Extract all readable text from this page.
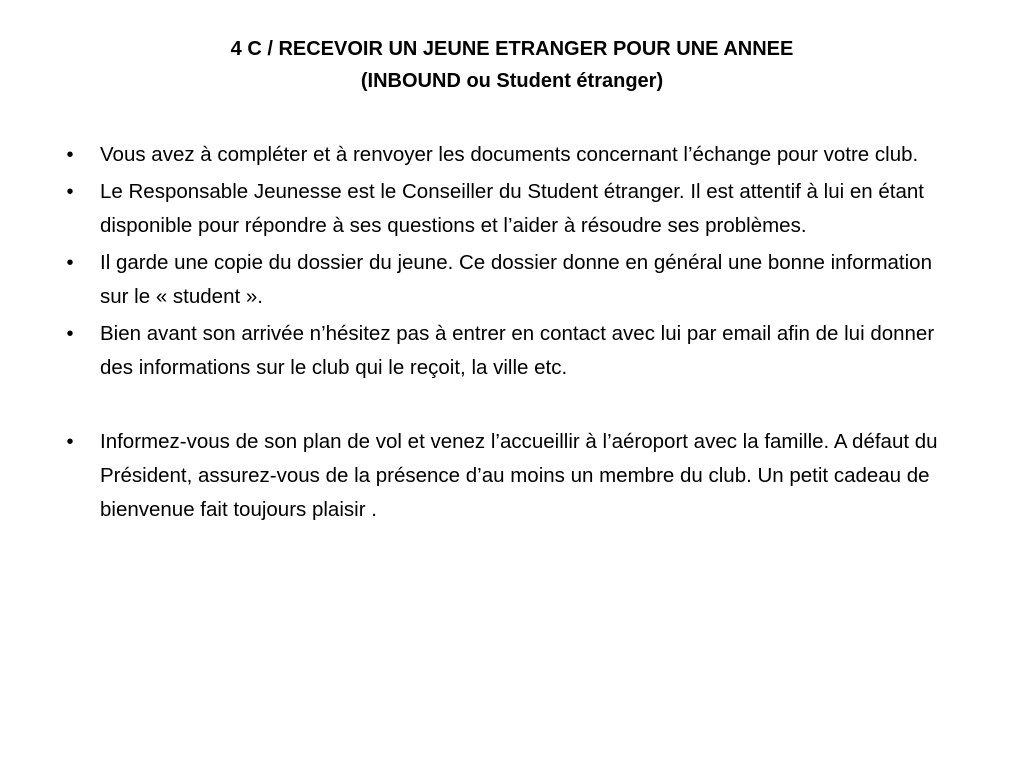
4 C / RECEVOIR UN JEUNE ETRANGER POUR UNE ANNEE
(INBOUND ou Student étranger)
•	Vous avez à compléter et à renvoyer les documents concernant l’échange pour votre club.
•	Le Responsable Jeunesse est le Conseiller du Student étranger. Il est attentif à lui en étant disponible pour répondre à ses questions et l’aider à résoudre ses problèmes.
•	Il garde une copie du dossier du jeune. Ce dossier donne en général une bonne information sur le « student ».
•	Bien avant son arrivée n’hésitez pas à entrer en contact avec lui par email afin de lui donner des informations sur le club qui le reçoit, la ville etc.
•	Informez-vous de son plan de vol et venez l’accueillir à l’aéroport avec la famille. A défaut du Président, assurez-vous de la présence d’au moins un membre du club. Un petit cadeau de bienvenue fait toujours plaisir .
